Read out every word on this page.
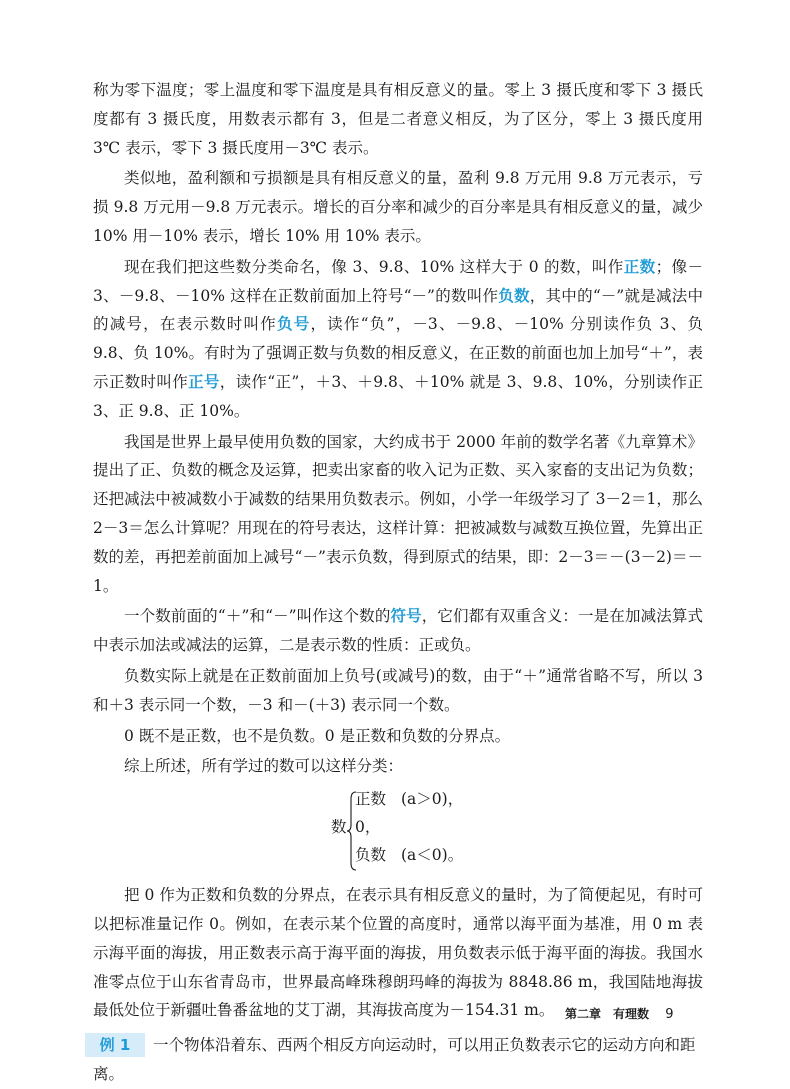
称为零下温度；零上温度和零下温度是具有相反意义的量。零上 3 摄氏度和零下 3 摄氏度都有 3 摄氏度，用数表示都有 3，但是二者意义相反，为了区分，零上 3 摄氏度用 3℃ 表示，零下 3 摄氏度用－3℃ 表示。

类似地，盈利额和亏损额是具有相反意义的量，盈利 9.8 万元用 9.8 万元表示，亏损 9.8 万元用－9.8 万元表示。增长的百分率和减少的百分率是具有相反意义的量，减少 10% 用－10% 表示，增长 10% 用 10% 表示。

现在我们把这些数分类命名，像 3、9.8、10% 这样大于 0 的数，叫作正数；像－3、－9.8、－10% 这样在正数前面加上符号“－”的数叫作负数，其中的“－”就是减法中的减号，在表示数时叫作负号，读作“负”，－3、－9.8、－10% 分别读作负 3、负 9.8、负 10%。有时为了强调正数与负数的相反意义，在正数的前面也加上加号“＋”，表示正数时叫作正号，读作“正”，＋3、＋9.8、＋10% 就是 3、9.8、10%，分别读作正 3、正 9.8、正 10%。

我国是世界上最早使用负数的国家，大约成书于 2000 年前的数学名著《九章算术》提出了正、负数的概念及运算，把卖出家畜的收入记为正数、买入家畜的支出记为负数；还把减法中被减数小于减数的结果用负数表示。例如，小学一年级学习了 3－2＝1，那么 2－3＝怎么计算呢？用现在的符号表达，这样计算：把被减数与减数互换位置，先算出正数的差，再把差前面加上减号“－”表示负数，得到原式的结果，即：2－3＝－(3－2)＝－1。

一个数前面的“＋”和“－”叫作这个数的符号，它们都有双重含义：一是在加减法算式中表示加法或减法的运算，二是表示数的性质：正或负。

负数实际上就是在正数前面加上负号(或减号)的数，由于“＋”通常省略不写，所以 3 和＋3 表示同一个数，－3 和－(＋3) 表示同一个数。

0 既不是正数，也不是负数。0 是正数和负数的分界点。

综上所述，所有学过的数可以这样分类：

数
正数 (a＞0)，
0，
负数 (a＜0)。

把 0 作为正数和负数的分界点，在表示具有相反意义的量时，为了简便起见，有时可以把标准量记作 0。例如，在表示某个位置的高度时，通常以海平面为基准，用 0 m 表示海平面的海拔，用正数表示高于海平面的海拔，用负数表示低于海平面的海拔。我国水准零点位于山东省青岛市，世界最高峰珠穆朗玛峰的海拔为 8848.86 m，我国陆地海拔最低处位于新疆吐鲁番盆地的艾丁湖，其海拔高度为－154.31 m。

例 1 一个物体沿着东、西两个相反方向运动时，可以用正负数表示它的运动方向和距离。
第二章　有理数 9
